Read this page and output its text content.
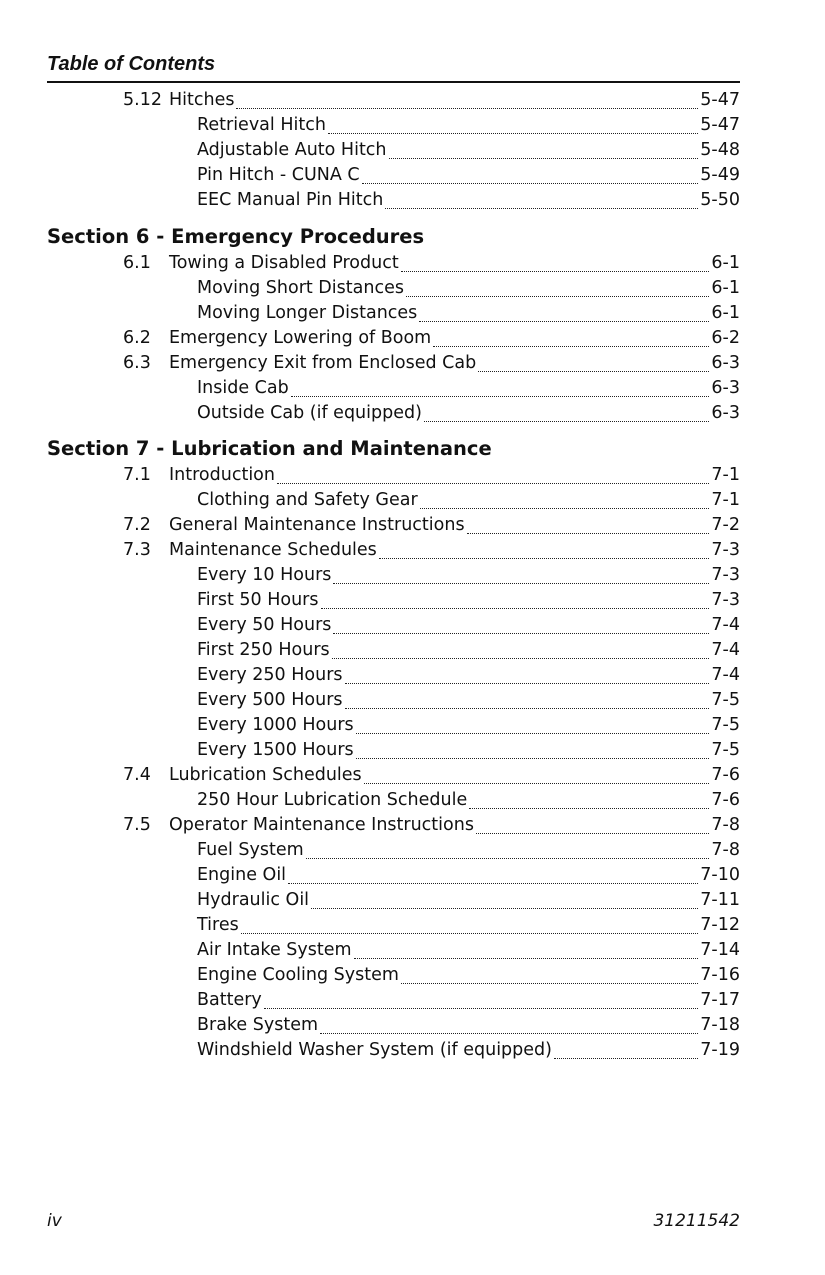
Table of Contents
Section 6 - Emergency Procedures
Section 7 - Lubrication and Maintenance
5.12 Hitches	5-47
Retrieval Hitch	5-47
Adjustable Auto Hitch	5-48
Pin Hitch - CUNA C	5-49
EEC Manual Pin Hitch	5-50
6.1	Towing a Disabled Product	6-1
Moving Short Distances	6-1
Moving Longer Distances	6-1
6.2	Emergency Lowering of Boom	6-2
6.3	Emergency Exit from Enclosed Cab	6-3
Inside Cab	6-3
Outside Cab (if equipped)	6-3
7.1	Introduction	7-1
Clothing and Safety Gear	7-1
7.2	General Maintenance Instructions	7-2
7.3	Maintenance Schedules	7-3
Every 10 Hours	7-3
First 50 Hours	7-3
Every 50 Hours	7-4
First 250 Hours	7-4
Every 250 Hours	7-4
Every 500 Hours	7-5
Every 1000 Hours	7-5
Every 1500 Hours	7-5
7.4	Lubrication Schedules	7-6
250 Hour Lubrication Schedule	7-6
7.5	Operator Maintenance Instructions	7-8
Fuel System	7-8
Engine Oil	7-10
Hydraulic Oil	7-11
Tires	7-12
Air Intake System	7-14
Engine Cooling System	7-16
Battery	7-17
Brake System	7-18
Windshield Washer System (if equipped)	7-19
iv	31211542
